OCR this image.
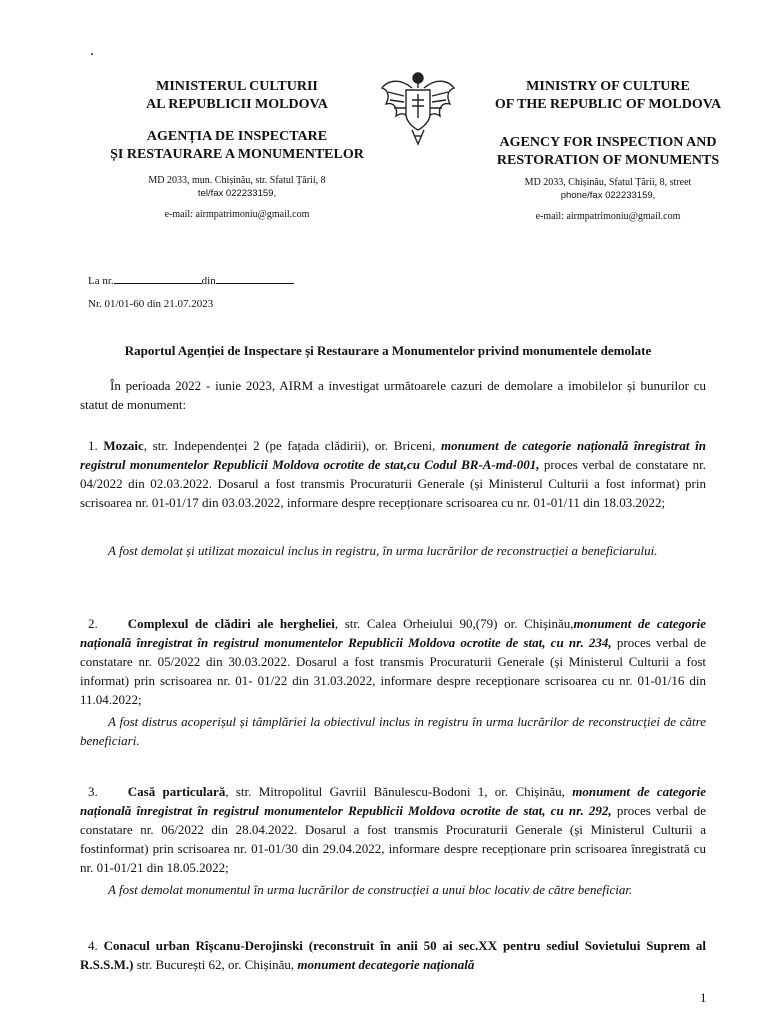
.
MINISTERUL CULTURII
AL REPUBLICII MOLDOVA
AGENȚIA DE INSPECTARE
ȘI RESTAURARE A MONUMENTELOR
MD 2033, mun. Chișinău, str. Sfatul Țării, 8
tel/fax 022233159,
e-mail: airmpatrimoniu@gmail.com
MINISTRY OF CULTURE
OF THE REPUBLIC OF MOLDOVA
AGENCY FOR INSPECTION AND
RESTORATION OF MONUMENTS
MD 2033, Chișinău, Sfatul Țării, 8, street
phone/fax 022233159,
e-mail: airmpatrimoniu@gmail.com
La nr.	din
Nr. 01/01-60 din 21.07.2023
Raportul Agenției de Inspectare și Restaurare a Monumentelor privind monumentele demolate
În perioada 2022 - iunie 2023, AIRM a investigat următoarele cazuri de demolare a imobilelor și bunurilor cu statut de monument:
1. Mozaic, str. Independenței 2 (pe fațada clădirii), or. Briceni, monument de categorie națională înregistrat în registrul monumentelor Republicii Moldova ocrotite de stat,cu Codul BR-A-md-001, proces verbal de constatare nr. 04/2022 din 02.03.2022. Dosarul a fost transmis Procuraturii Generale (și Ministerul Culturii a fost informat) prin scrisoarea nr. 01-01/17 din 03.03.2022, informare despre recepționare scrisoarea cu nr. 01-01/11 din 18.03.2022;
A fost demolat și utilizat mozaicul inclus in registru, în urma lucrărilor de reconstrucției a beneficiarului.
2. Complexul de clădiri ale hergheliei, str. Calea Orheiului 90,(79) or. Chișinău,monument de categorie națională înregistrat în registrul monumentelor Republicii Moldova ocrotite de stat, cu nr. 234, proces verbal de constatare nr. 05/2022 din 30.03.2022. Dosarul a fost transmis Procuraturii Generale (și Ministerul Culturii a fost informat) prin scrisoarea nr. 01- 01/22 din 31.03.2022, informare despre recepționare scrisoarea cu nr. 01-01/16 din 11.04.2022;
A fost distrus acoperișul și tâmplăriei la obiectivul inclus in registru în urma lucrărilor de reconstrucției de către beneficiari.
3. Casă particulară, str. Mitropolitul Gavriil Bănulescu-Bodoni 1, or. Chișinău, monument de categorie națională înregistrat în registrul monumentelor Republicii Moldova ocrotite de stat, cu nr. 292, proces verbal de constatare nr. 06/2022 din 28.04.2022. Dosarul a fost transmis Procuraturii Generale (și Ministerul Culturii a fostinformat) prin scrisoarea nr. 01-01/30 din 29.04.2022, informare despre recepționare prin scrisoarea înregistrată cu nr. 01-01/21 din 18.05.2022;
A fost demolat monumentul în urma lucrărilor de construcției a unui bloc locativ de către beneficiar.
4. Conacul urban Rîșcanu-Derojinski (reconstruit în anii 50 ai sec.XX pentru sediul Sovietului Suprem al R.S.S.M.) str. București 62, or. Chișinău, monument decategorie națională
1
